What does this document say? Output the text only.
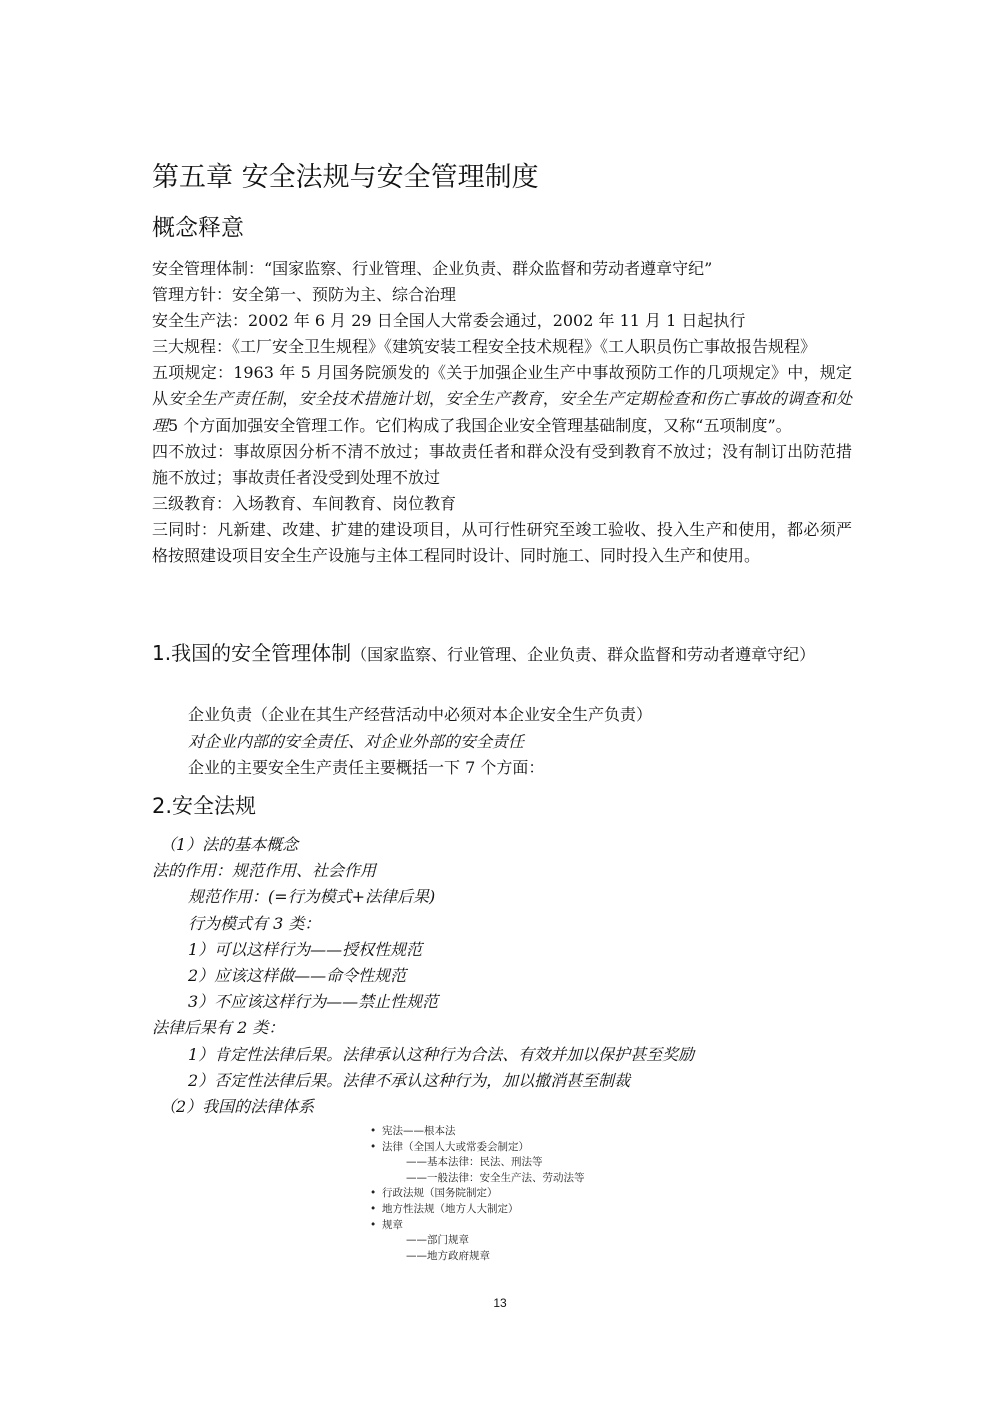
第五章 安全法规与安全管理制度
概念释意

安全管理体制：“国家监察、行业管理、企业负责、群众监督和劳动者遵章守纪”

管理方针：安全第一、预防为主、综合治理

安全生产法：2002 年 6 月 29 日全国人大常委会通过，2002 年 11 月 1 日起执行

三大规程：《工厂安全卫生规程》《建筑安装工程安全技术规程》《工人职员伤亡事故报告规程》

五项规定：1963 年 5 月国务院颁发的《关于加强企业生产中事故预防工作的几项规定》中，规定从安全生产责任制，安全技术措施计划，安全生产教育，安全生产定期检查和伤亡事故的调查和处理5 个方面加强安全管理工作。它们构成了我国企业安全管理基础制度，又称“五项制度”。

四不放过：事故原因分析不清不放过；事故责任者和群众没有受到教育不放过；没有制订出防范措施不放过；事故责任者没受到处理不放过

三级教育：入场教育、车间教育、岗位教育

三同时：凡新建、改建、扩建的建设项目，从可行性研究至竣工验收、投入生产和使用，都必须严格按照建设项目安全生产设施与主体工程同时设计、同时施工、同时投入生产和使用。

1.我国的安全管理体制（国家监察、行业管理、企业负责、群众监督和劳动者遵章守纪）
企业负责（企业在其生产经营活动中必须对本企业安全生产负责）
对企业内部的安全责任、对企业外部的安全责任
企业的主要安全生产责任主要概括一下 7 个方面：
2.安全法规
（1）法的基本概念
法的作用：规范作用、社会作用
规范作用：(=行为模式+法律后果)
行为模式有 3 类：
1）可以这样行为——授权性规范
2）应该这样做——命令性规范
3）不应该这样行为——禁止性规范
法律后果有 2 类：
1）肯定性法律后果。法律承认这种行为合法、有效并加以保护甚至奖励
2）否定性法律后果。法律不承认这种行为，加以撤消甚至制裁
（2）我国的法律体系
• 宪法——根本法
• 法律（全国人大或常委会制定）
——基本法律：民法、刑法等
——一般法律：安全生产法、劳动法等
• 行政法规（国务院制定）
• 地方性法规（地方人大制定）
• 规章
——部门规章
——地方政府规章
13
